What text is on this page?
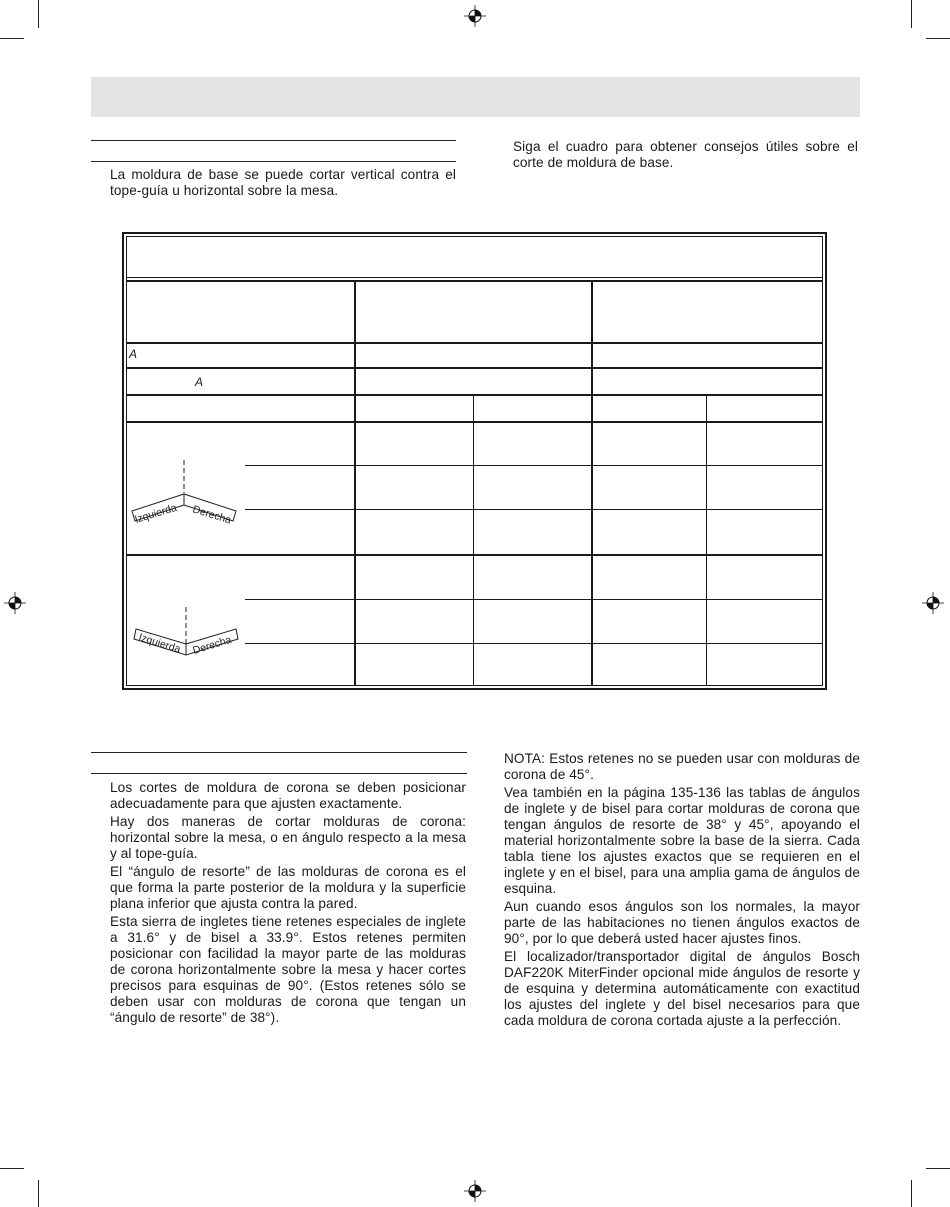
La moldura de base se puede cortar vertical contra el tope-guía u horizontal sobre la mesa.

Siga el cuadro para obtener consejos útiles sobre el corte de moldura de base.

A
A
Izquierda Derecha
Izquierda Derecha

Los cortes de moldura de corona se deben posicionar adecuadamente para que ajusten exactamente.

Hay dos maneras de cortar molduras de corona: horizontal sobre la mesa, o en ángulo respecto a la mesa y al tope-guía.

El “ángulo de resorte” de las molduras de corona es el que forma la parte posterior de la moldura y la superficie plana inferior que ajusta contra la pared.

Esta sierra de ingletes tiene retenes especiales de inglete a 31.6° y de bisel a 33.9°. Estos retenes permiten posicionar con facilidad la mayor parte de las molduras de corona horizontalmente sobre la mesa y hacer cortes precisos para esquinas de 90°. (Estos retenes sólo se deben usar con molduras de corona que tengan un “ángulo de resorte” de 38°).

NOTA: Estos retenes no se pueden usar con molduras de corona de 45°.

Vea también en la página 135-136 las tablas de ángulos de inglete y de bisel para cortar molduras de corona que tengan ángulos de resorte de 38° y 45°, apoyando el material horizontalmente sobre la base de la sierra. Cada tabla tiene los ajustes exactos que se requieren en el inglete y en el bisel, para una amplia gama de ángulos de esquina.

Aun cuando esos ángulos son los normales, la mayor parte de las habitaciones no tienen ángulos exactos de 90°, por lo que deberá usted hacer ajustes finos.

El localizador/transportador digital de ángulos Bosch DAF220K MiterFinder opcional mide ángulos de resorte y de esquina y determina automáticamente con exactitud los ajustes del inglete y del bisel necesarios para que cada moldura de corona cortada ajuste a la perfección.
